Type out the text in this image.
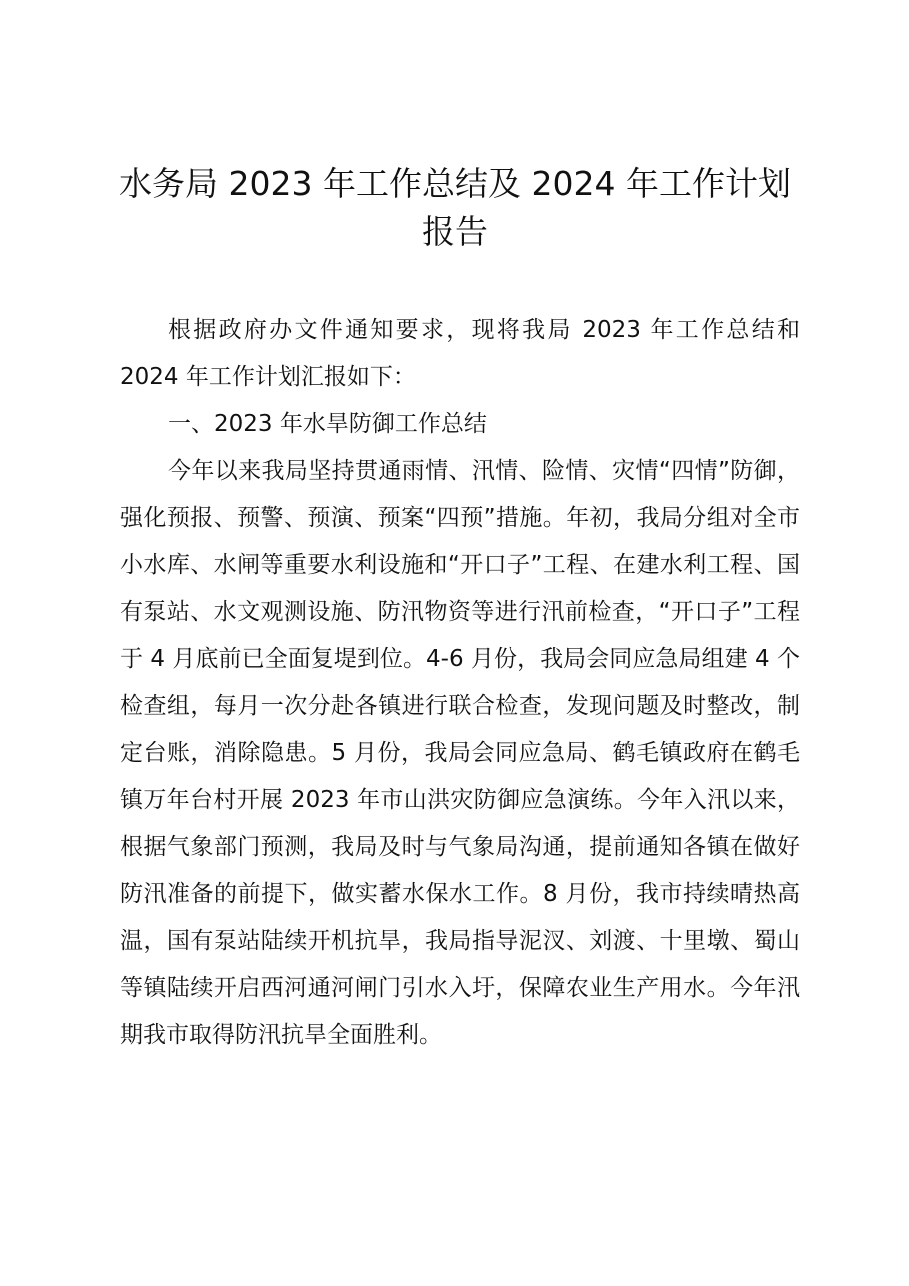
水务局 2023 年工作总结及 2024 年工作计划
报告

根据政府办文件通知要求，现将我局 2023 年工作总结和 2024 年工作计划汇报如下：

一、2023 年水旱防御工作总结

今年以来我局坚持贯通雨情、汛情、险情、灾情“四情”防御，强化预报、预警、预演、预案“四预”措施。年初，我局分组对全市小水库、水闸等重要水利设施和“开口子”工程、在建水利工程、国有泵站、水文观测设施、防汛物资等进行汛前检查，“开口子”工程于 4 月底前已全面复堤到位。4-6 月份，我局会同应急局组建 4 个检查组，每月一次分赴各镇进行联合检查，发现问题及时整改，制定台账，消除隐患。5 月份，我局会同应急局、鹤毛镇政府在鹤毛镇万年台村开展 2023 年市山洪灾防御应急演练。今年入汛以来，根据气象部门预测，我局及时与气象局沟通，提前通知各镇在做好防汛准备的前提下，做实蓄水保水工作。8 月份，我市持续晴热高温，国有泵站陆续开机抗旱，我局指导泥汊、刘渡、十里墩、蜀山等镇陆续开启西河通河闸门引水入圩，保障农业生产用水。今年汛期我市取得防汛抗旱全面胜利。
